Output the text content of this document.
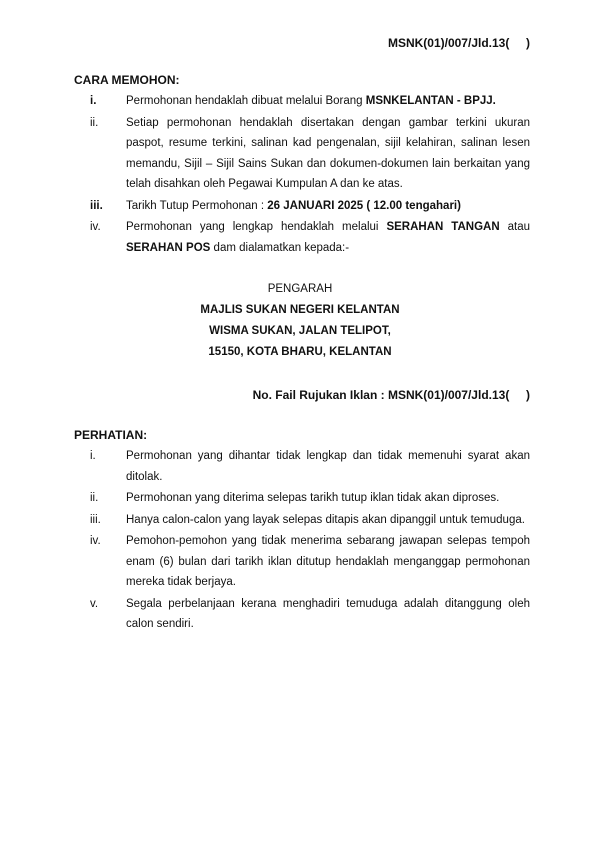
MSNK(01)/007/Jld.13(     )
CARA MEMOHON:
i.	Permohonan hendaklah dibuat melalui Borang MSNKELANTAN - BPJJ.
ii.	Setiap permohonan hendaklah disertakan dengan gambar terkini ukuran paspot, resume terkini, salinan kad pengenalan, sijil kelahiran, salinan lesen memandu, Sijil – Sijil Sains Sukan dan dokumen-dokumen lain berkaitan yang telah disahkan oleh Pegawai Kumpulan A dan ke atas.
iii.	Tarikh Tutup Permohonan : 26 JANUARI 2025 ( 12.00 tengahari)
iv.	Permohonan yang lengkap hendaklah melalui SERAHAN TANGAN atau SERAHAN POS dam dialamatkan kepada:-
PENGARAH
MAJLIS SUKAN NEGERI KELANTAN
WISMA SUKAN, JALAN TELIPOT,
15150, KOTA BHARU, KELANTAN
No. Fail Rujukan Iklan : MSNK(01)/007/Jld.13(     )
PERHATIAN:
i.	Permohonan yang dihantar tidak lengkap dan tidak memenuhi syarat akan ditolak.
ii.	Permohonan yang diterima selepas tarikh tutup iklan tidak akan diproses.
iii.	Hanya calon-calon yang layak selepas ditapis akan dipanggil untuk temuduga.
iv.	Pemohon-pemohon yang tidak menerima sebarang jawapan selepas tempoh enam (6) bulan dari tarikh iklan ditutup hendaklah menganggap permohonan mereka tidak berjaya.
v.	Segala perbelanjaan kerana menghadiri temuduga adalah ditanggung oleh calon sendiri.
